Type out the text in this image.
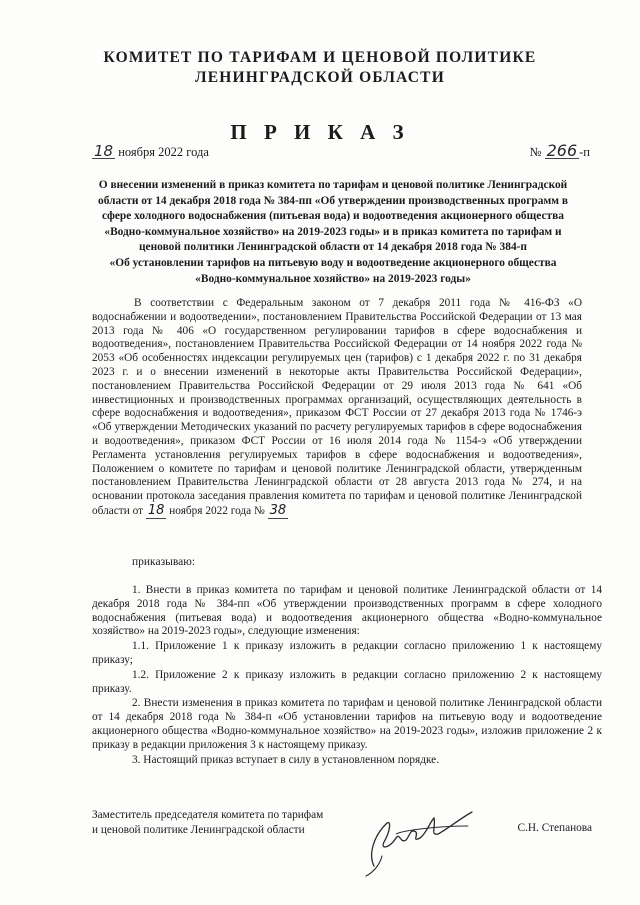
КОМИТЕТ ПО ТАРИФАМ И ЦЕНОВОЙ ПОЛИТИКЕ
ЛЕНИНГРАДСКОЙ ОБЛАСТИ
П Р И К А З
18 ноября 2022 года	№ 266 -п
О внесении изменений в приказ комитета по тарифам и ценовой политике Ленинградской
области от 14 декабря 2018 года № 384-пп «Об утверждении производственных программ в
сфере холодного водоснабжения (питьевая вода) и водоотведения акционерного общества
«Водно-коммунальное хозяйство» на 2019-2023 годы» и в приказ комитета по тарифам и
ценовой политики Ленинградской области от 14 декабря 2018 года № 384-п
«Об установлении тарифов на питьевую воду и водоотведение акционерного общества
«Водно-коммунальное хозяйство» на 2019-2023 годы»
В соответствии с Федеральным законом от 7 декабря 2011 года № 416-ФЗ «О водоснабжении и водоотведении», постановлением Правительства Российской Федерации от 13 мая 2013 года № 406 «О государственном регулировании тарифов в сфере водоснабжения и водоотведения», постановлением Правительства Российской Федерации от 14 ноября 2022 года № 2053 «Об особенностях индексации регулируемых цен (тарифов) с 1 декабря 2022 г. по 31 декабря 2023 г. и о внесении изменений в некоторые акты Правительства Российской Федерации», постановлением Правительства Российской Федерации от 29 июля 2013 года № 641 «Об инвестиционных и производственных программах организаций, осуществляющих деятельность в сфере водоснабжения и водоотведения», приказом ФСТ России от 27 декабря 2013 года № 1746-э «Об утверждении Методических указаний по расчету регулируемых тарифов в сфере водоснабжения и водоотведения», приказом ФСТ России от 16 июля 2014 года № 1154-э «Об утверждении Регламента установления регулируемых тарифов в сфере водоснабжения и водоотведения», Положением о комитете по тарифам и ценовой политике Ленинградской области, утвержденным постановлением Правительства Ленинградской области от 28 августа 2013 года № 274, и на основании протокола заседания правления комитета по тарифам и ценовой политике Ленинградской области от 18 ноября 2022 года № 38
приказываю:

1. Внести в приказ комитета по тарифам и ценовой политике Ленинградской области от 14 декабря 2018 года № 384-пп «Об утверждении производственных программ в сфере холодного водоснабжения (питьевая вода) и водоотведения акционерного общества «Водно-коммунальное хозяйство» на 2019-2023 годы», следующие изменения:

1.1. Приложение 1 к приказу изложить в редакции согласно приложению 1 к настоящему приказу;

1.2. Приложение 2 к приказу изложить в редакции согласно приложению 2 к настоящему приказу.

2. Внести изменения в приказ комитета по тарифам и ценовой политике Ленинградской области от 14 декабря 2018 года № 384-п «Об установлении тарифов на питьевую воду и водоотведение акционерного общества «Водно-коммунальное хозяйство» на 2019-2023 годы», изложив приложение 2 к приказу в редакции приложения 3 к настоящему приказу.

3. Настоящий приказ вступает в силу в установленном порядке.

Заместитель председателя комитета по тарифам
и ценовой политике Ленинградской области	С.Н. Степанова
